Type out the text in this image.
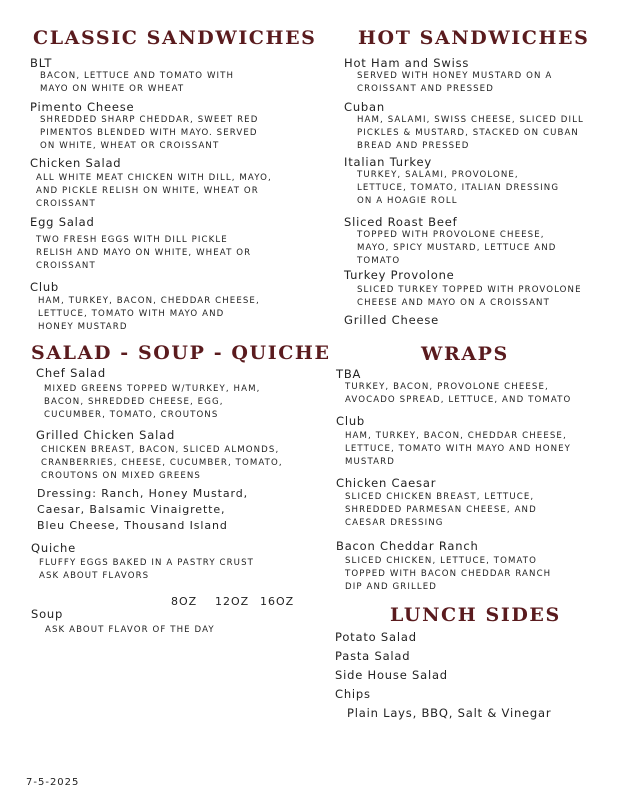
CLASSIC SANDWICHES
BLT
BACON, LETTUCE AND TOMATO WITH
MAYO ON WHITE OR WHEAT
Pimento Cheese
SHREDDED SHARP CHEDDAR, SWEET RED
PIMENTOS BLENDED WITH MAYO. SERVED
ON WHITE, WHEAT OR CROISSANT
Chicken Salad
ALL WHITE MEAT CHICKEN WITH DILL, MAYO,
AND PICKLE RELISH ON WHITE, WHEAT OR
CROISSANT
Egg Salad
TWO FRESH EGGS WITH DILL PICKLE
RELISH AND MAYO ON WHITE, WHEAT OR
CROISSANT
Club
HAM, TURKEY, BACON, CHEDDAR CHEESE,
LETTUCE, TOMATO WITH MAYO AND
HONEY MUSTARD
SALAD - SOUP - QUICHE
Chef Salad
MIXED GREENS TOPPED W/TURKEY, HAM,
BACON, SHREDDED CHEESE, EGG,
CUCUMBER, TOMATO, CROUTONS
Grilled Chicken Salad
CHICKEN BREAST, BACON, SLICED ALMONDS,
CRANBERRIES, CHEESE, CUCUMBER, TOMATO,
CROUTONS ON MIXED GREENS
Dressing: Ranch, Honey Mustard,
Caesar, Balsamic Vinaigrette,
Bleu Cheese, Thousand Island
Quiche
FLUFFY EGGS BAKED IN A PASTRY CRUST
ASK ABOUT FLAVORS
8OZ 12OZ 16OZ
Soup
ASK ABOUT FLAVOR OF THE DAY
7-5-2025
HOT SANDWICHES
Hot Ham and Swiss
SERVED WITH HONEY MUSTARD ON A
CROISSANT AND PRESSED
Cuban
HAM, SALAMI, SWISS CHEESE, SLICED DILL
PICKLES & MUSTARD, STACKED ON CUBAN
BREAD AND PRESSED
Italian Turkey
TURKEY, SALAMI, PROVOLONE,
LETTUCE, TOMATO, ITALIAN DRESSING
ON A HOAGIE ROLL
Sliced Roast Beef
TOPPED WITH PROVOLONE CHEESE,
MAYO, SPICY MUSTARD, LETTUCE AND
TOMATO
Turkey Provolone
SLICED TURKEY TOPPED WITH PROVOLONE
CHEESE AND MAYO ON A CROISSANT
Grilled Cheese
WRAPS
TBA
TURKEY, BACON, PROVOLONE CHEESE,
AVOCADO SPREAD, LETTUCE, AND TOMATO
Club
HAM, TURKEY, BACON, CHEDDAR CHEESE,
LETTUCE, TOMATO WITH MAYO AND HONEY
MUSTARD
Chicken Caesar
SLICED CHICKEN BREAST, LETTUCE,
SHREDDED PARMESAN CHEESE, AND
CAESAR DRESSING
Bacon Cheddar Ranch
SLICED CHICKEN, LETTUCE, TOMATO
TOPPED WITH BACON CHEDDAR RANCH
DIP AND GRILLED
LUNCH SIDES
Potato Salad
Pasta Salad
Side House Salad
Chips
Plain Lays, BBQ, Salt & Vinegar
